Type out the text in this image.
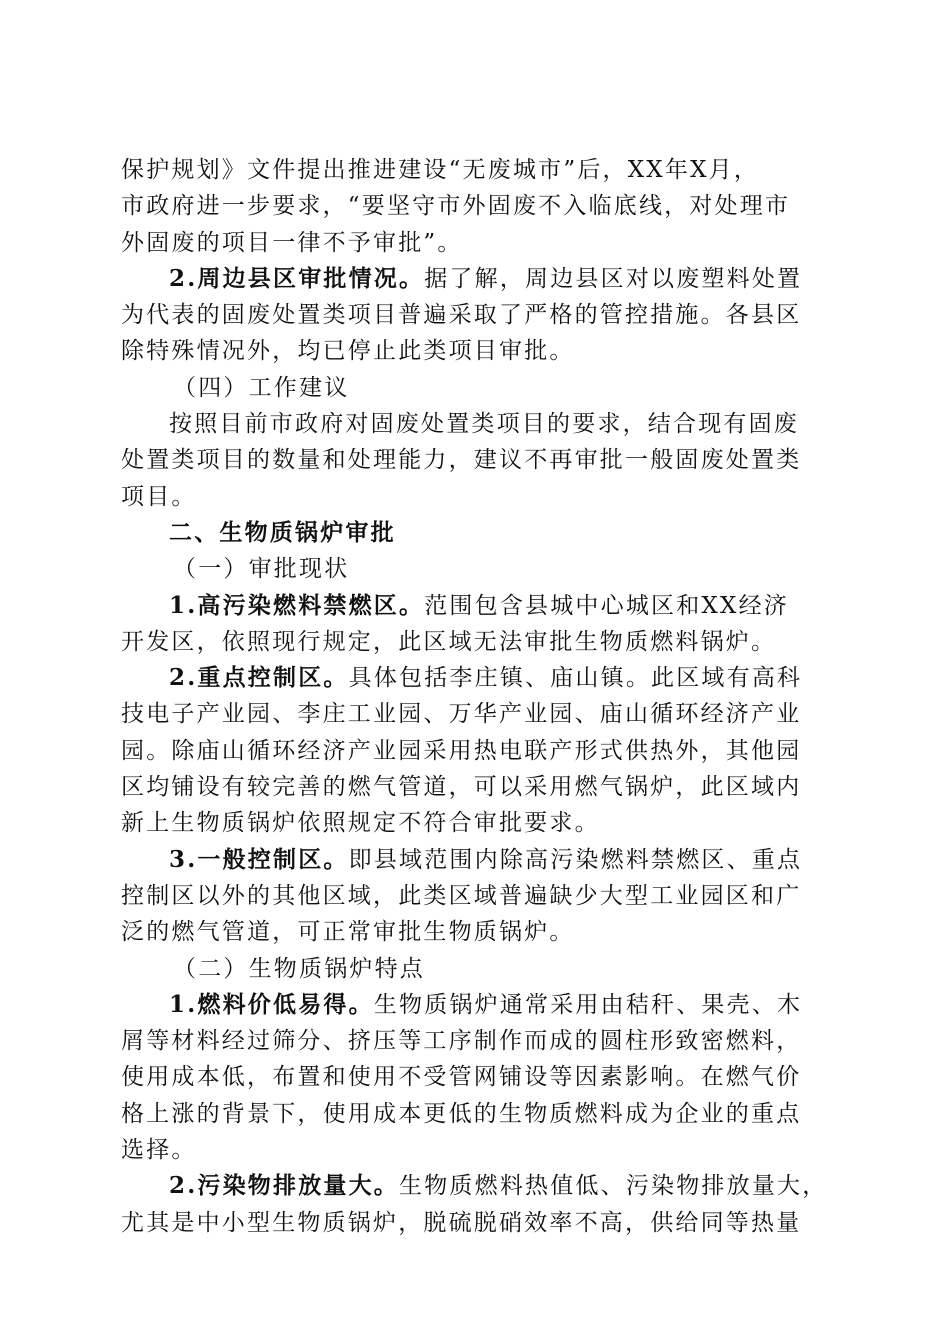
保护规划》文件提出推进建设“无废城市”后，XX年X月，
市政府进一步要求，“要坚守市外固废不入临底线，对处理市
外固废的项目一律不予审批”。
2.周边县区审批情况。据了解，周边县区对以废塑料处置
为代表的固废处置类项目普遍采取了严格的管控措施。各县区
除特殊情况外，均已停止此类项目审批。
（四）工作建议
按照目前市政府对固废处置类项目的要求，结合现有固废
处置类项目的数量和处理能力，建议不再审批一般固废处置类
项目。
二、生物质锅炉审批
（一）审批现状
1.高污染燃料禁燃区。范围包含县城中心城区和XX经济
开发区，依照现行规定，此区域无法审批生物质燃料锅炉。
2.重点控制区。具体包括李庄镇、庙山镇。此区域有高科
技电子产业园、李庄工业园、万华产业园、庙山循环经济产业
园。除庙山循环经济产业园采用热电联产形式供热外，其他园
区均铺设有较完善的燃气管道，可以采用燃气锅炉，此区域内
新上生物质锅炉依照规定不符合审批要求。
3.一般控制区。即县域范围内除高污染燃料禁燃区、重点
控制区以外的其他区域，此类区域普遍缺少大型工业园区和广
泛的燃气管道，可正常审批生物质锅炉。
（二）生物质锅炉特点
1.燃料价低易得。生物质锅炉通常采用由秸秆、果壳、木
屑等材料经过筛分、挤压等工序制作而成的圆柱形致密燃料，
使用成本低，布置和使用不受管网铺设等因素影响。在燃气价
格上涨的背景下，使用成本更低的生物质燃料成为企业的重点
选择。
2.污染物排放量大。生物质燃料热值低、污染物排放量大，
尤其是中小型生物质锅炉，脱硫脱硝效率不高，供给同等热量
